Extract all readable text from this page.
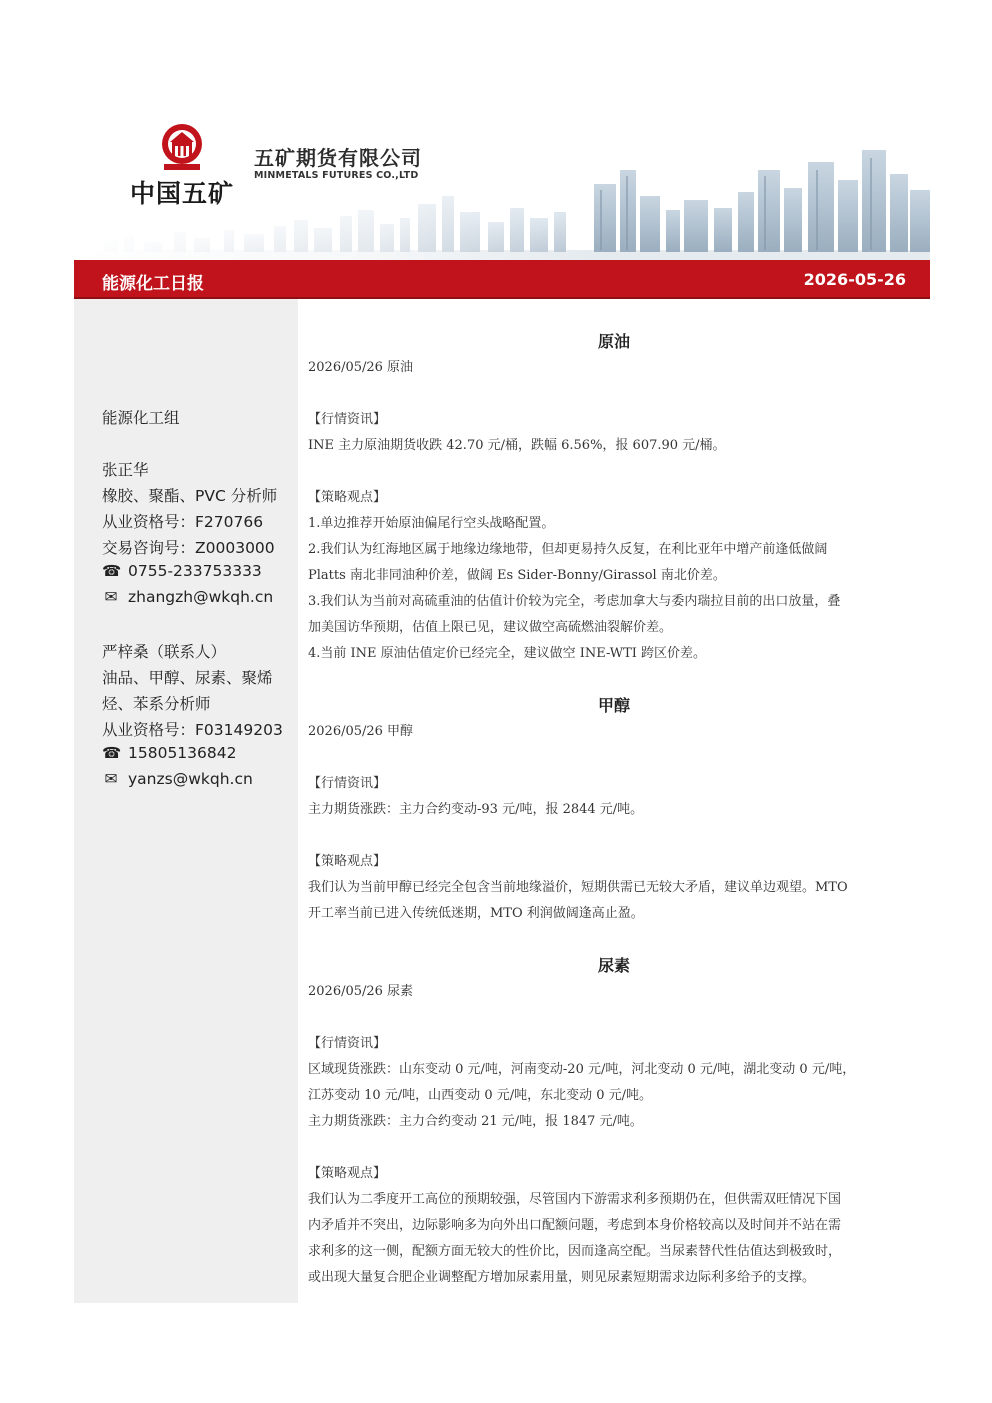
中国五矿
五矿期货有限公司
MINMETALS FUTURES CO.,LTD
能源化工日报	2026-05-26
能源化工组
张正华
橡胶、聚酯、PVC 分析师
从业资格号：F270766
交易咨询号：Z0003000
☎ 0755-233753333
✉ zhangzh@wkqh.cn
严梓桑（联系人）
油品、甲醇、尿素、聚烯
烃、苯系分析师
从业资格号：F03149203
☎ 15805136842
✉ yanzs@wkqh.cn
原油
2026/05/26 原油
【行情资讯】
INE 主力原油期货收跌 42.70 元/桶，跌幅 6.56%，报 607.90 元/桶。
【策略观点】
1.单边推荐开始原油偏尾行空头战略配置。
2.我们认为红海地区属于地缘边缘地带，但却更易持久反复，在利比亚年中增产前逢低做阔
Platts 南北非同油种价差，做阔 Es Sider-Bonny/Girassol 南北价差。
3.我们认为当前对高硫重油的估值计价较为完全，考虑加拿大与委内瑞拉目前的出口放量，叠
加美国访华预期，估值上限已见，建议做空高硫燃油裂解价差。
4.当前 INE 原油估值定价已经完全，建议做空 INE-WTI 跨区价差。
甲醇
2026/05/26 甲醇
【行情资讯】
主力期货涨跌：主力合约变动-93 元/吨，报 2844 元/吨。
【策略观点】
我们认为当前甲醇已经完全包含当前地缘溢价，短期供需已无较大矛盾，建议单边观望。MTO
开工率当前已进入传统低迷期，MTO 利润做阔逢高止盈。
尿素
2026/05/26 尿素
【行情资讯】
区域现货涨跌：山东变动 0 元/吨，河南变动-20 元/吨，河北变动 0 元/吨，湖北变动 0 元/吨，
江苏变动 10 元/吨，山西变动 0 元/吨，东北变动 0 元/吨。
主力期货涨跌：主力合约变动 21 元/吨，报 1847 元/吨。
【策略观点】
我们认为二季度开工高位的预期较强，尽管国内下游需求利多预期仍在，但供需双旺情况下国
内矛盾并不突出，边际影响多为向外出口配额问题，考虑到本身价格较高以及时间并不站在需
求利多的这一侧，配额方面无较大的性价比，因而逢高空配。当尿素替代性估值达到极致时，
或出现大量复合肥企业调整配方增加尿素用量，则见尿素短期需求边际利多给予的支撑。
